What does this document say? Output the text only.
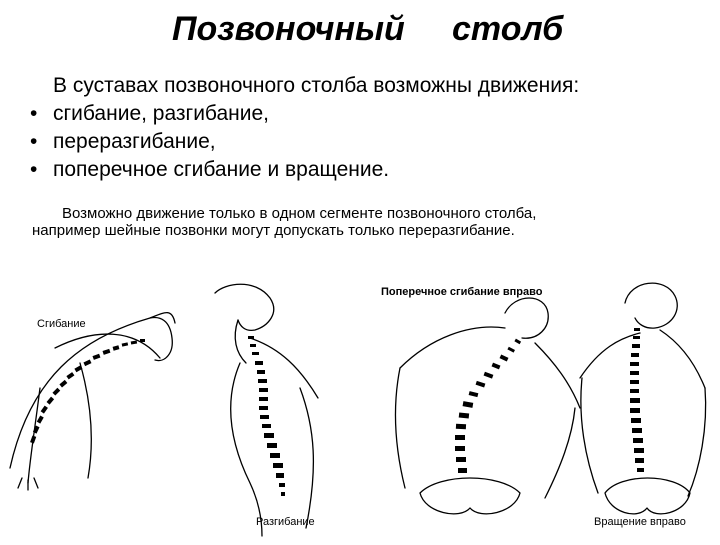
Позвоночный

столб

В суставах позвоночного столба возможны движения:
• сгибание, разгибание,
• переразгибание,
• поперечное сгибание и вращение.
Возможно движение только в одном сегменте позвоночного столба,
например шейные позвонки могут допускать только переразгибание.
Сгибание
Разгибание
Поперечное сгибание вправо
Вращение вправо
